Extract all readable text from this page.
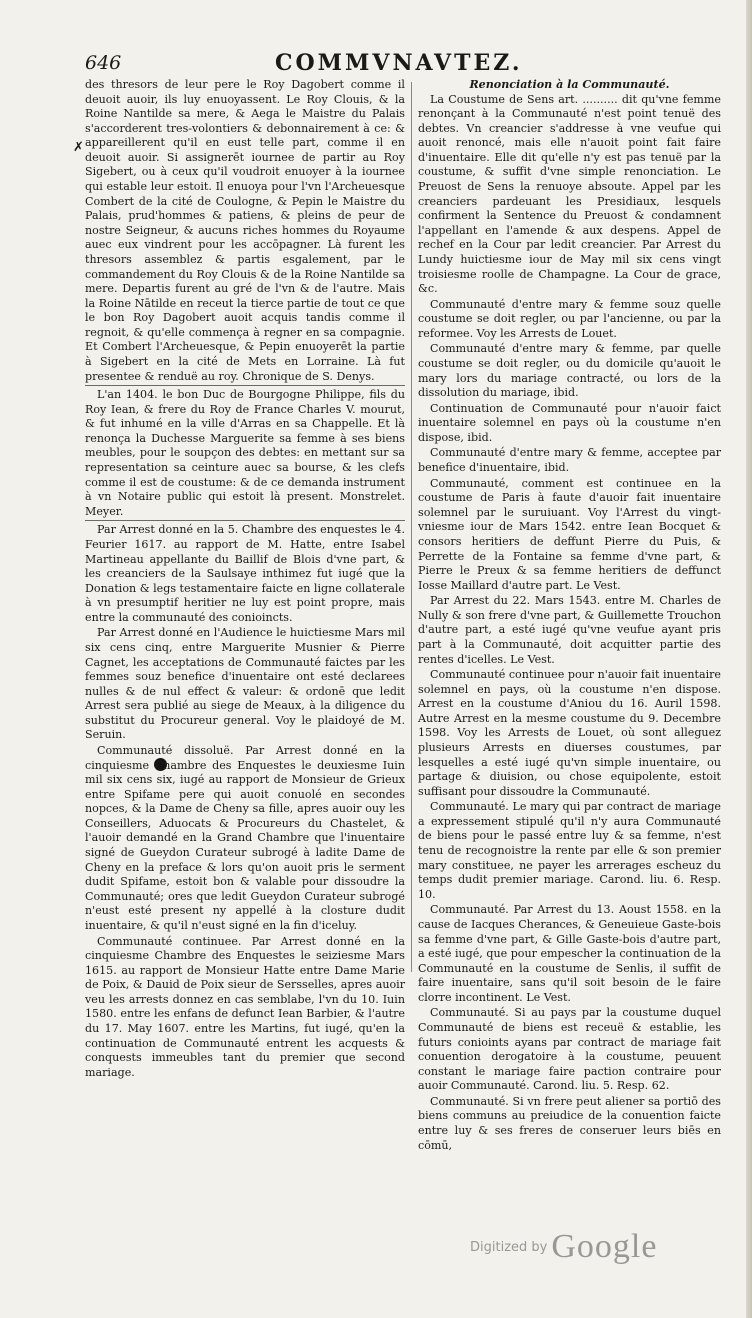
646	COMMVNAVTEZ.
✗

des thresors de leur pere le Roy Dagobert comme il deuoit auoir, ils luy enuoyassent. Le Roy Clouis, & la Roine Nantilde sa mere, & Aega le Maistre du Palais s'accorderent tres-volontiers & debonnairement à ce: & appareillerent qu'il en eust telle part, comme il en deuoit auoir. Si assignerēt iournee de partir au Roy Sigebert, ou à ceux qu'il voudroit enuoyer à la iournee qui estable leur estoit. Il enuoya pour l'vn l'Archeuesque Combert de la cité de Coulogne, & Pepin le Maistre du Palais, prud'hommes & patiens, & pleins de peur de nostre Seigneur, & aucuns riches hommes du Royaume auec eux vindrent pour les accōpagner. Là furent les thresors assemblez & partis esgalement, par le commandement du Roy Clouis & de la Roine Nantilde sa mere. Departis furent au gré de l'vn & de l'autre. Mais la Roine Nātilde en receut la tierce partie de tout ce que le bon Roy Dagobert auoit acquis tandis comme il regnoit, & qu'elle commença à regner en sa compagnie. Et Combert l'Archeuesque, & Pepin enuoyerēt la partie à Sigebert en la cité de Mets en Lorraine. Là fut presentee & renduë au roy. Chronique de S. Denys.

L'an 1404. le bon Duc de Bourgogne Philippe, fils du Roy Iean, & frere du Roy de France Charles V. mourut, & fut inhumé en la ville d'Arras en sa Chappelle. Et là renonça la Duchesse Marguerite sa femme à ses biens meubles, pour le soupçon des debtes: en mettant sur sa representation sa ceinture auec sa bourse, & les clefs comme il est de coustume: & de ce demanda instrument à vn Notaire public qui estoit là present. Monstrelet. Meyer.

Par Arrest donné en la 5. Chambre des enquestes le 4. Feurier 1617. au rapport de M. Hatte, entre Isabel Martineau appellante du Baillif de Blois d'vne part, & les creanciers de la Saulsaye inthimez fut iugé que la Donation & legs testamentaire faicte en ligne collaterale à vn presumptif heritier ne luy est point propre, mais entre la communauté des conioincts.

Par Arrest donné en l'Audience le huictiesme Mars mil six cens cinq, entre Marguerite Musnier & Pierre Cagnet, les acceptations de Communauté faictes par les femmes souz benefice d'inuentaire ont esté declarees nulles & de nul effect & valeur: & ordonē que ledit Arrest sera publié au siege de Meaux, à la diligence du substitut du Procureur general. Voy le plaidoyé de M. Seruin.

Communauté dissoluë. Par Arrest donné en la cinquiesme Chambre des Enquestes le deuxiesme Iuin mil six cens six, iugé au rapport de Monsieur de Grieux entre Spifame pere qui auoit conuolé en secondes nopces, & la Dame de Cheny sa fille, apres auoir ouy les Conseillers, Aduocats & Procureurs du Chastelet, & l'auoir demandé en la Grand Chambre que l'inuentaire signé de Gueydon Curateur subrogé à ladite Dame de Cheny en la preface & lors qu'on auoit pris le serment dudit Spifame, estoit bon & valable pour dissoudre la Communauté; ores que ledit Gueydon Curateur subrogé n'eust esté present ny appellé à la closture dudit inuentaire, & qu'il n'eust signé en la fin d'iceluy.

Communauté continuee. Par Arrest donné en la cinquiesme Chambre des Enquestes le seiziesme Mars 1615. au rapport de Monsieur Hatte entre Dame Marie de Poix, & Dauid de Poix sieur de Sersselles, apres auoir veu les arrests donnez en cas semblabe, l'vn du 10. Iuin 1580. entre les enfans de defunct Iean Barbier, & l'autre du 17. May 1607. entre les Martins, fut iugé, qu'en la continuation de Communauté entrent les acquests & conquests immeubles tant du premier que second mariage.

Renonciation à la Communauté.

La Coustume de Sens art. .......... dit qu'vne femme renonçant à la Communauté n'est point tenuë des debtes. Vn creancier s'addresse à vne veufue qui auoit renoncé, mais elle n'auoit point fait faire d'inuentaire. Elle dit qu'elle n'y est pas tenuë par la coustume, & suffit d'vne simple renonciation. Le Preuost de Sens la renuoye absoute. Appel par les creanciers pardeuant les Presidiaux, lesquels confirment la Sentence du Preuost & condamnent l'appellant en l'amende & aux despens. Appel de rechef en la Cour par ledit creancier. Par Arrest du Lundy huictiesme iour de May mil six cens vingt troisiesme roolle de Champagne. La Cour de grace, &c.

Communauté d'entre mary & femme souz quelle coustume se doit regler, ou par l'ancienne, ou par la reformee. Voy les Arrests de Louet.

Communauté d'entre mary & femme, par quelle coustume se doit regler, ou du domicile qu'auoit le mary lors du mariage contracté, ou lors de la dissolution du mariage, ibid.

Continuation de Communauté pour n'auoir faict inuentaire solemnel en pays où la coustume n'en dispose, ibid.

Communauté d'entre mary & femme, acceptee par benefice d'inuentaire, ibid.

Communauté, comment est continuee en la coustume de Paris à faute d'auoir fait inuentaire solemnel par le suruiuant. Voy l'Arrest du vingt-vniesme iour de Mars 1542. entre Iean Bocquet & consors heritiers de deffunt Pierre du Puis, & Perrette de la Fontaine sa femme d'vne part, & Pierre le Preux & sa femme heritiers de deffunct Iosse Maillard d'autre part. Le Vest.

Par Arrest du 22. Mars 1543. entre M. Charles de Nully & son frere d'vne part, & Guillemette Trouchon d'autre part, a esté iugé qu'vne veufue ayant pris part à la Communauté, doit acquitter partie des rentes d'icelles. Le Vest.

Communauté continuee pour n'auoir fait inuentaire solemnel en pays, où la coustume n'en dispose. Arrest en la coustume d'Aniou du 16. Auril 1598. Autre Arrest en la mesme coustume du 9. Decembre 1598. Voy les Arrests de Louet, où sont alleguez plusieurs Arrests en diuerses coustumes, par lesquelles a esté iugé qu'vn simple inuentaire, ou partage & diuision, ou chose equipolente, estoit suffisant pour dissoudre la Communauté.

Communauté. Le mary qui par contract de mariage a expressement stipulé qu'il n'y aura Communauté de biens pour le passé entre luy & sa femme, n'est tenu de recognoistre la rente par elle & son premier mary constituee, ne payer les arrerages escheuz du temps dudit premier mariage. Carond. liu. 6. Resp. 10.

Communauté. Par Arrest du 13. Aoust 1558. en la cause de Iacques Cherances, & Geneuieue Gaste-bois sa femme d'vne part, & Gille Gaste-bois d'autre part, a esté iugé, que pour empescher la continuation de la Communauté en la coustume de Senlis, il suffit de faire inuentaire, sans qu'il soit besoin de le faire clorre incontinent. Le Vest.

Communauté. Si au pays par la coustume duquel Communauté de biens est receuë & establie, les futurs conioints ayans par contract de mariage fait conuention derogatoire à la coustume, peuuent constant le mariage faire paction contraire pour auoir Communauté. Carond. liu. 5. Resp. 62.

Communauté. Si vn frere peut aliener sa portiō des biens communs au preiudice de la conuention faicte entre luy & ses freres de conseruer leurs biēs en cōmū,

Digitized by Google
